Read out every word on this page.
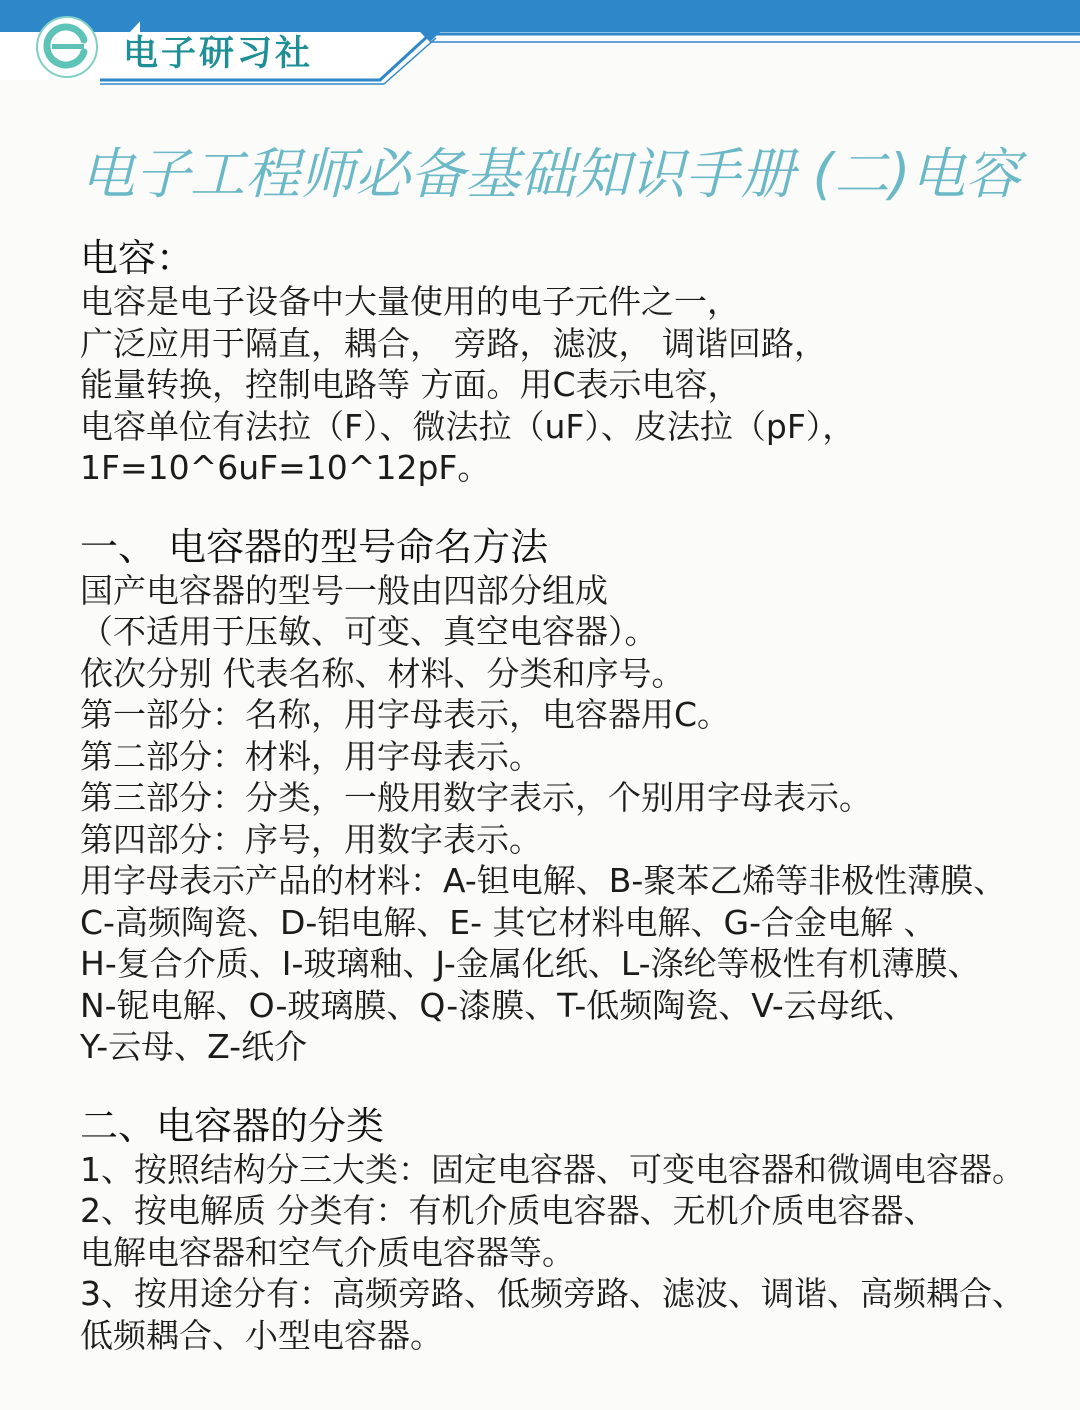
电子研习社
电子工程师必备基础知识手册 (二)电容
电容：
电容是电子设备中大量使用的电子元件之一，
广泛应用于隔直，耦合， 旁路，滤波， 调谐回路，
能量转换，控制电路等 方面。用C表示电容，
电容单位有法拉（F）、微法拉（uF）、皮法拉（pF），
1F=10^6uF=10^12pF。
一、 电容器的型号命名方法
国产电容器的型号一般由四部分组成
（不适用于压敏、可变、真空电容器）。
依次分别 代表名称、材料、分类和序号。
第一部分：名称，用字母表示，电容器用C。
第二部分：材料，用字母表示。
第三部分：分类，一般用数字表示，个别用字母表示。
第四部分：序号，用数字表示。
用字母表示产品的材料：A-钽电解、B-聚苯乙烯等非极性薄膜、
C-高频陶瓷、D-铝电解、E- 其它材料电解、G-合金电解 、
H-复合介质、I-玻璃釉、J-金属化纸、L-涤纶等极性有机薄膜、
N-铌电解、O-玻璃膜、Q-漆膜、T-低频陶瓷、V-云母纸、
Y-云母、Z-纸介
二、电容器的分类
1、按照结构分三大类：固定电容器、可变电容器和微调电容器。
2、按电解质 分类有：有机介质电容器、无机介质电容器、
电解电容器和空气介质电容器等。
3、按用途分有：高频旁路、低频旁路、滤波、调谐、高频耦合、
低频耦合、小型电容器。
